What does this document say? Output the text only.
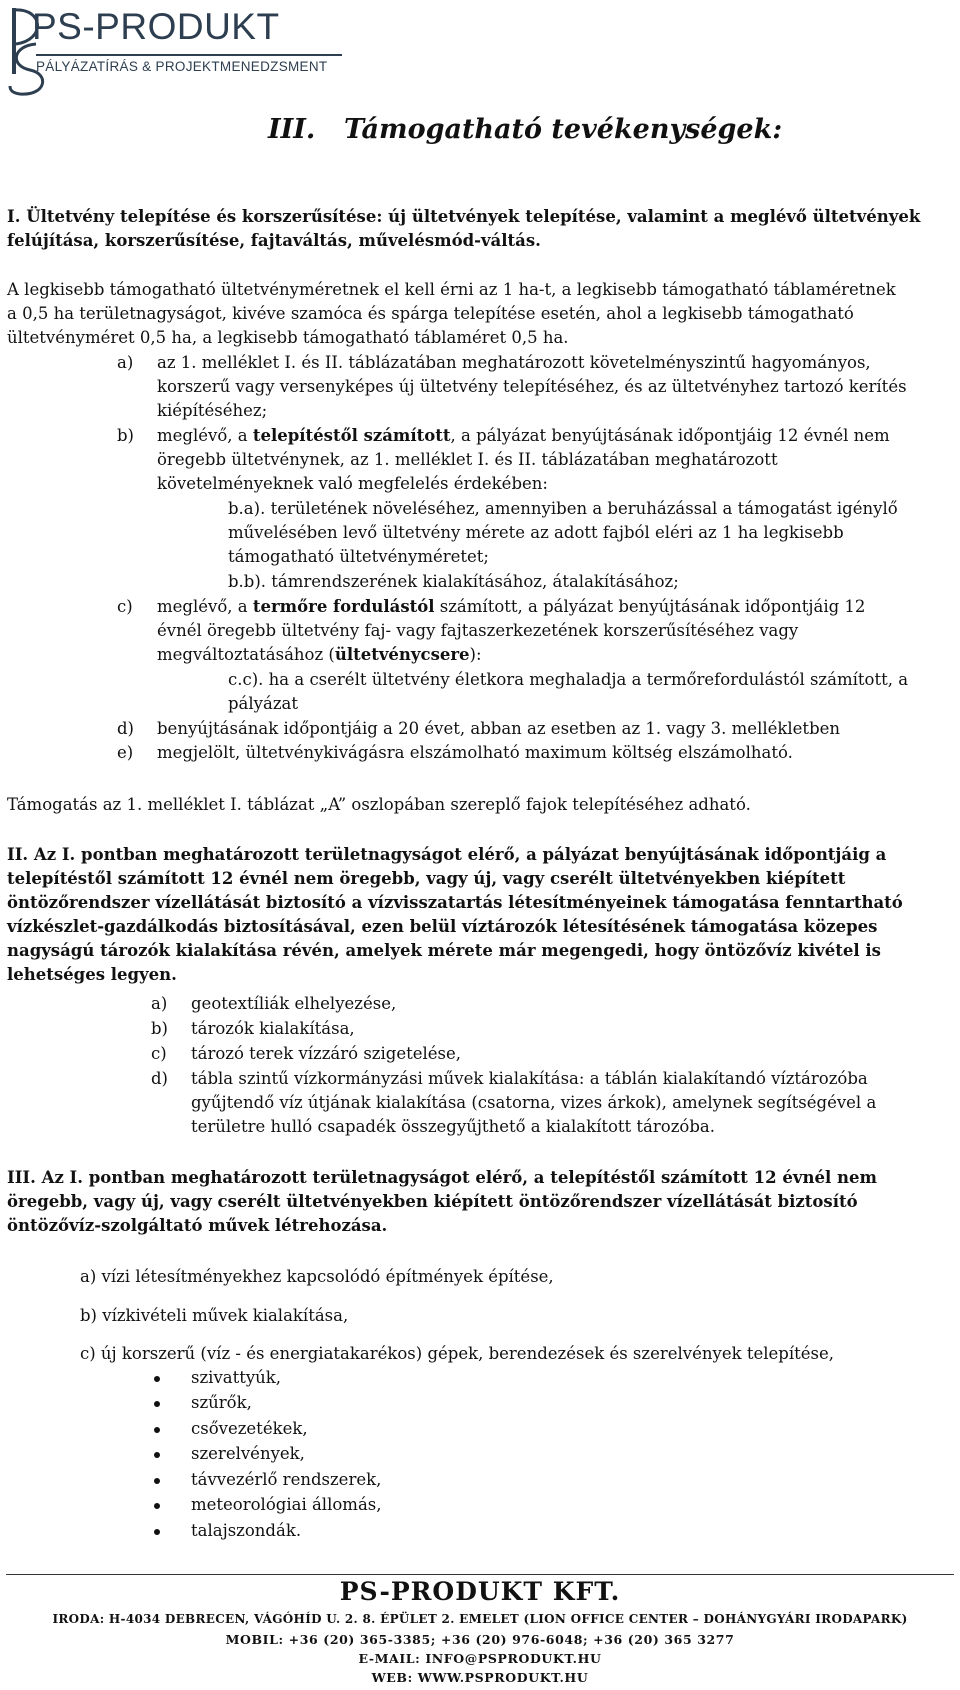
PS-PRODUKT
PÁLYÁZATÍRÁS & PROJEKTMENEDZSMENT
III. Támogatható tevékenységek:
I. Ültetvény telepítése és korszerűsítése: új ültetvények telepítése, valamint a meglévő ültetvények
felújítása, korszerűsítése, fajtaváltás, művelésmód-váltás.
A legkisebb támogatható ültetvényméretnek el kell érni az 1 ha-t, a legkisebb támogatható táblaméretnek
a 0,5 ha területnagyságot, kivéve szamóca és spárga telepítése esetén, ahol a legkisebb támogatható
ültetvényméret 0,5 ha, a legkisebb támogatható táblaméret 0,5 ha.
a) az 1. melléklet I. és II. táblázatában meghatározott követelményszintű hagyományos,
korszerű vagy versenyképes új ültetvény telepítéséhez, és az ültetvényhez tartozó kerítés
kiépítéséhez;
b) meglévő, a telepítéstől számított, a pályázat benyújtásának időpontjáig 12 évnél nem
öregebb ültetvénynek, az 1. melléklet I. és II. táblázatában meghatározott
követelményeknek való megfelelés érdekében:
b.a). területének növeléséhez, amennyiben a beruházással a támogatást igénylő
művelésében levő ültetvény mérete az adott fajból eléri az 1 ha legkisebb
támogatható ültetvényméretet;
b.b). támrendszerének kialakításához, átalakításához;
c) meglévő, a termőre fordulástól számított, a pályázat benyújtásának időpontjáig 12
évnél öregebb ültetvény faj- vagy fajtaszerkezetének korszerűsítéséhez vagy
megváltoztatásához (ültetvénycsere):
c.c). ha a cserélt ültetvény életkora meghaladja a termőrefordulástól számított, a
pályázat
d) benyújtásának időpontjáig a 20 évet, abban az esetben az 1. vagy 3. mellékletben
e) megjelölt, ültetvénykivágásra elszámolható maximum költség elszámolható.
Támogatás az 1. melléklet I. táblázat „A” oszlopában szereplő fajok telepítéséhez adható.
II. Az I. pontban meghatározott területnagyságot elérő, a pályázat benyújtásának időpontjáig a
telepítéstől számított 12 évnél nem öregebb, vagy új, vagy cserélt ültetvényekben kiépített
öntözőrendszer vízellátását biztosító a vízvisszatartás létesítményeinek támogatása fenntartható
vízkészlet-gazdálkodás biztosításával, ezen belül víztározók létesítésének támogatása közepes
nagyságú tározók kialakítása révén, amelyek mérete már megengedi, hogy öntözővíz kivétel is
lehetséges legyen.
a) geotextíliák elhelyezése,
b) tározók kialakítása,
c) tározó terek vízzáró szigetelése,
d) tábla szintű vízkormányzási művek kialakítása: a táblán kialakítandó víztározóba
gyűjtendő víz útjának kialakítása (csatorna, vizes árkok), amelynek segítségével a
területre hulló csapadék összegyűjthető a kialakított tározóba.
III. Az I. pontban meghatározott területnagyságot elérő, a telepítéstől számított 12 évnél nem
öregebb, vagy új, vagy cserélt ültetvényekben kiépített öntözőrendszer vízellátását biztosító
öntözővíz-szolgáltató művek létrehozása.
a) vízi létesítményekhez kapcsolódó építmények építése,
b) vízkivételi művek kialakítása,
c) új korszerű (víz - és energiatakarékos) gépek, berendezések és szerelvények telepítése,
szivattyúk,
szűrők,
csővezetékek,
szerelvények,
távvezérlő rendszerek,
meteorológiai állomás,
talajszondák.
PS-PRODUKT KFT.
IRODA: H-4034 DEBRECEN, VÁGÓHÍD U. 2. 8. ÉPÜLET 2. EMELET (LION OFFICE CENTER – DOHÁNYGYÁRI IRODAPARK)
MOBIL: +36 (20) 365-3385; +36 (20) 976-6048; +36 (20) 365 3277
E-MAIL: INFO@PSPRODUKT.HU
WEB: WWW.PSPRODUKT.HU
